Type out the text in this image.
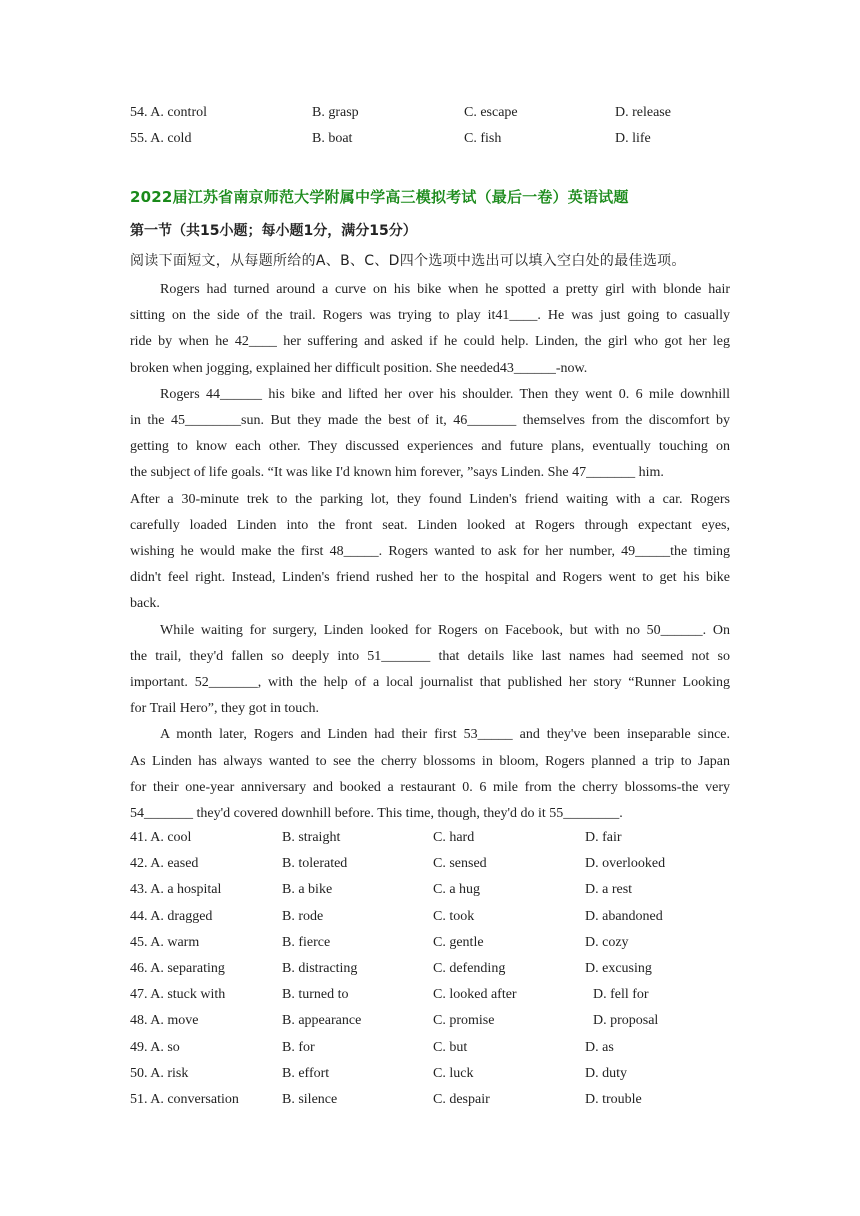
54. A. control	B. grasp	C. escape	D. release
55. A. cold	B. boat	C. fish	D. life
2022届江苏省南京师范大学附属中学高三模拟考试（最后一卷）英语试题
第一节（共15小题；每小题1分，满分15分）
阅读下面短文，从每题所给的A、B、C、D四个选项中选出可以填入空白处的最佳选项。
Rogers had turned around a curve on his bike when he spotted a pretty girl with blonde hair
sitting on the side of the trail. Rogers was trying to play it41____. He was just going to casually
ride by when he 42____ her suffering and asked if he could help. Linden, the girl who got her leg
broken when jogging, explained her difficult position. She needed43______-now.
Rogers 44______ his bike and lifted her over his shoulder. Then they went 0. 6 mile downhill
in the 45________sun. But they made the best of it, 46_______ themselves from the discomfort by
getting to know each other. They discussed experiences and future plans, eventually touching on
the subject of life goals. “It was like I'd known him forever, ”says Linden. She 47_______ him.
After a 30-minute trek to the parking lot, they found Linden's friend waiting with a car. Rogers
carefully loaded Linden into the front seat. Linden looked at Rogers through expectant eyes,
wishing he would make the first 48_____. Rogers wanted to ask for her number, 49_____the timing
didn't feel right. Instead, Linden's friend rushed her to the hospital and Rogers went to get his bike
back.
While waiting for surgery, Linden looked for Rogers on Facebook, but with no 50______. On
the trail, they'd fallen so deeply into 51_______ that details like last names had seemed not so
important. 52_______, with the help of a local journalist that published her story “Runner Looking
for Trail Hero”, they got in touch.
A month later, Rogers and Linden had their first 53_____ and they've been inseparable since.
As Linden has always wanted to see the cherry blossoms in bloom, Rogers planned a trip to Japan
for their one-year anniversary and booked a restaurant 0. 6 mile from the cherry blossoms-the very
54_______ they'd covered downhill before. This time, though, they'd do it 55________.
41. A. cool	B. straight	C. hard	D. fair
42. A. eased	B. tolerated	C. sensed	D. overlooked
43. A. a hospital	B. a bike	C. a hug	D. a rest
44. A. dragged	B. rode	C. took	D. abandoned
45. A. warm	B. fierce	C. gentle	D. cozy
46. A. separating	B. distracting	C. defending	D. excusing
47. A. stuck with	B. turned to	C. looked after	D. fell for
48. A. move	B. appearance	C. promise	D. proposal
49. A. so	B. for	C. but	D. as
50. A. risk	B. effort	C. luck	D. duty
51. A. conversation	B. silence	C. despair	D. trouble
